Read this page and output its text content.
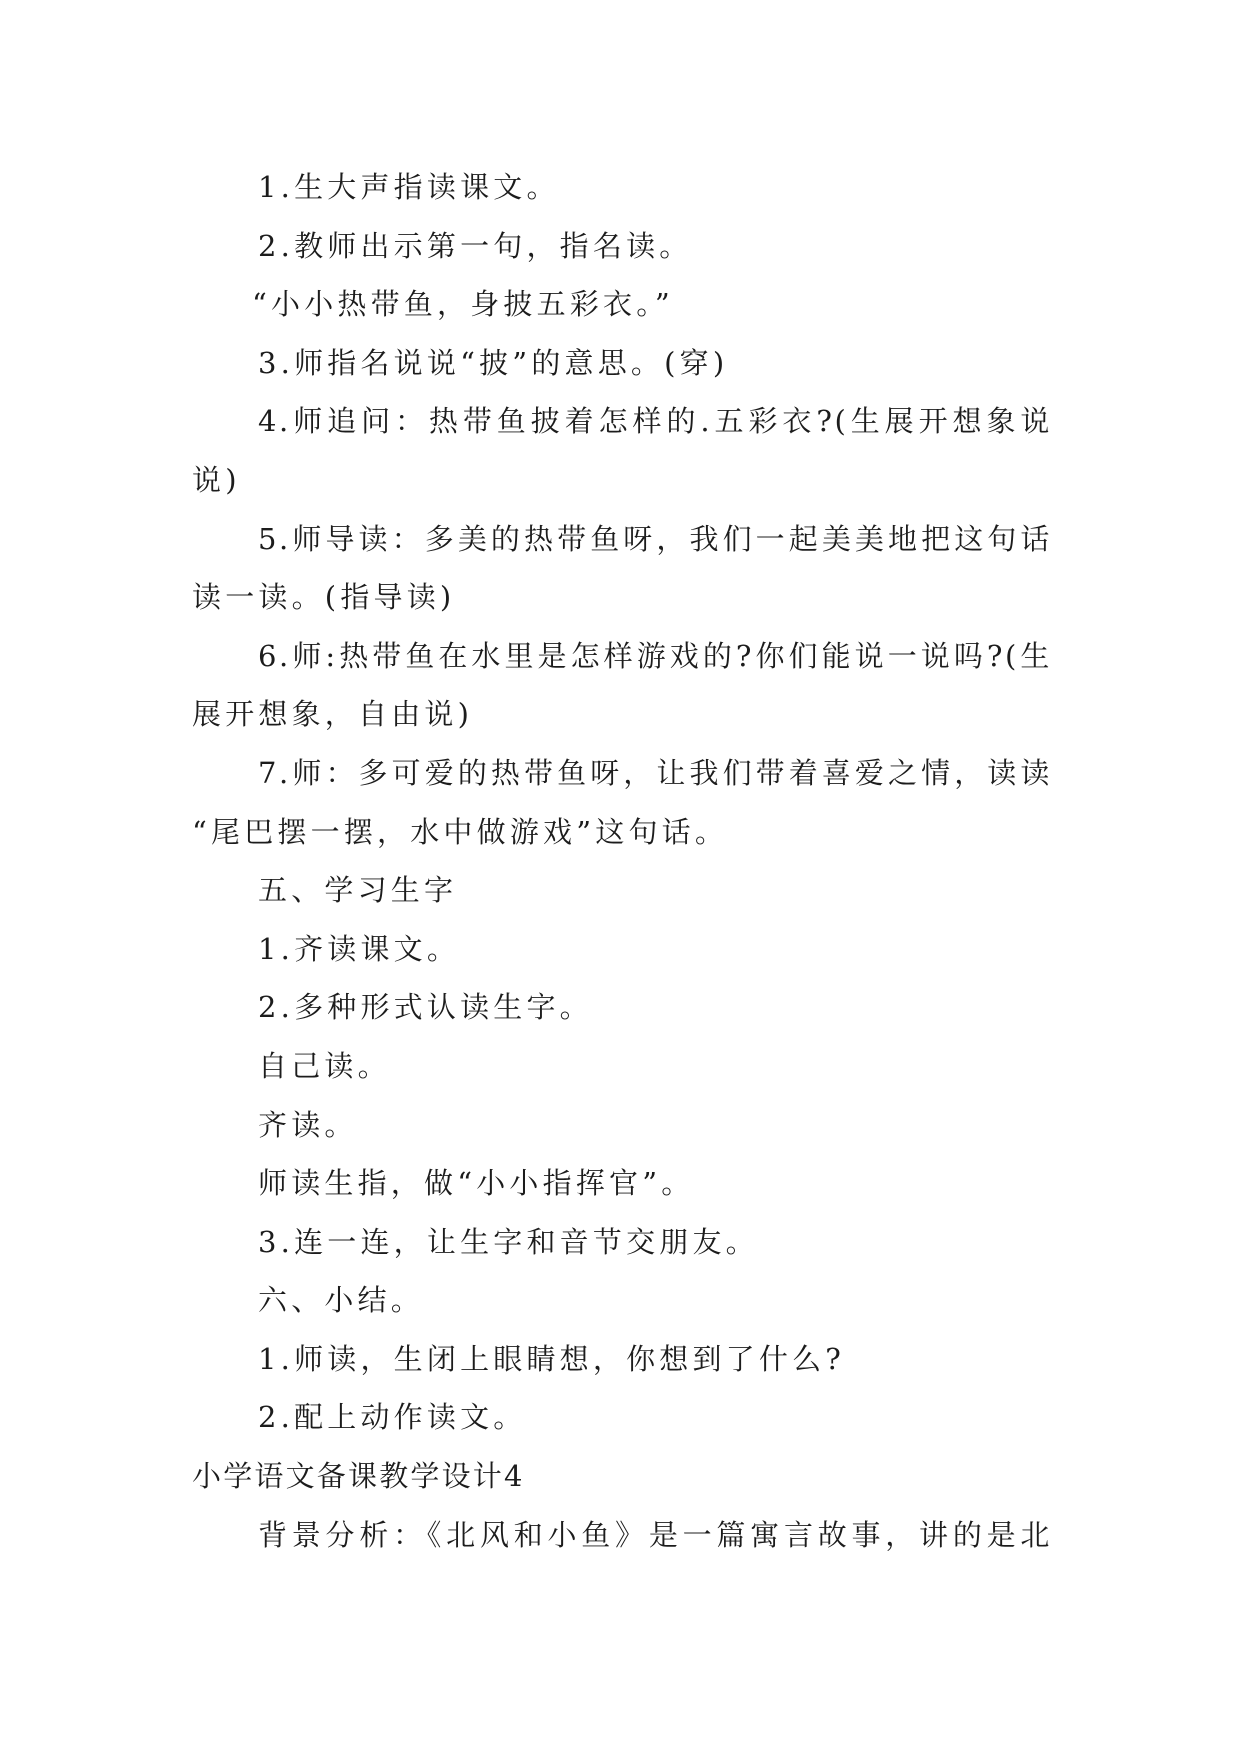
1.生大声指读课文。
2.教师出示第一句，指名读。
“小小热带鱼，身披五彩衣。”
3.师指名说说“披”的意思。(穿)
4.师追问：热带鱼披着怎样的.五彩衣?(生展开想象说
说)
5.师导读：多美的热带鱼呀，我们一起美美地把这句话
读一读。(指导读)
6.师:热带鱼在水里是怎样游戏的?你们能说一说吗?(生
展开想象，自由说)
7.师：多可爱的热带鱼呀，让我们带着喜爱之情，读读
“尾巴摆一摆，水中做游戏”这句话。
五、学习生字
1.齐读课文。
2.多种形式认读生字。
自己读。
齐读。
师读生指，做“小小指挥官”。
3.连一连，让生字和音节交朋友。
六、小结。
1.师读，生闭上眼睛想，你想到了什么?
2.配上动作读文。
小学语文备课教学设计4
背景分析：《北风和小鱼》是一篇寓言故事，讲的是北
